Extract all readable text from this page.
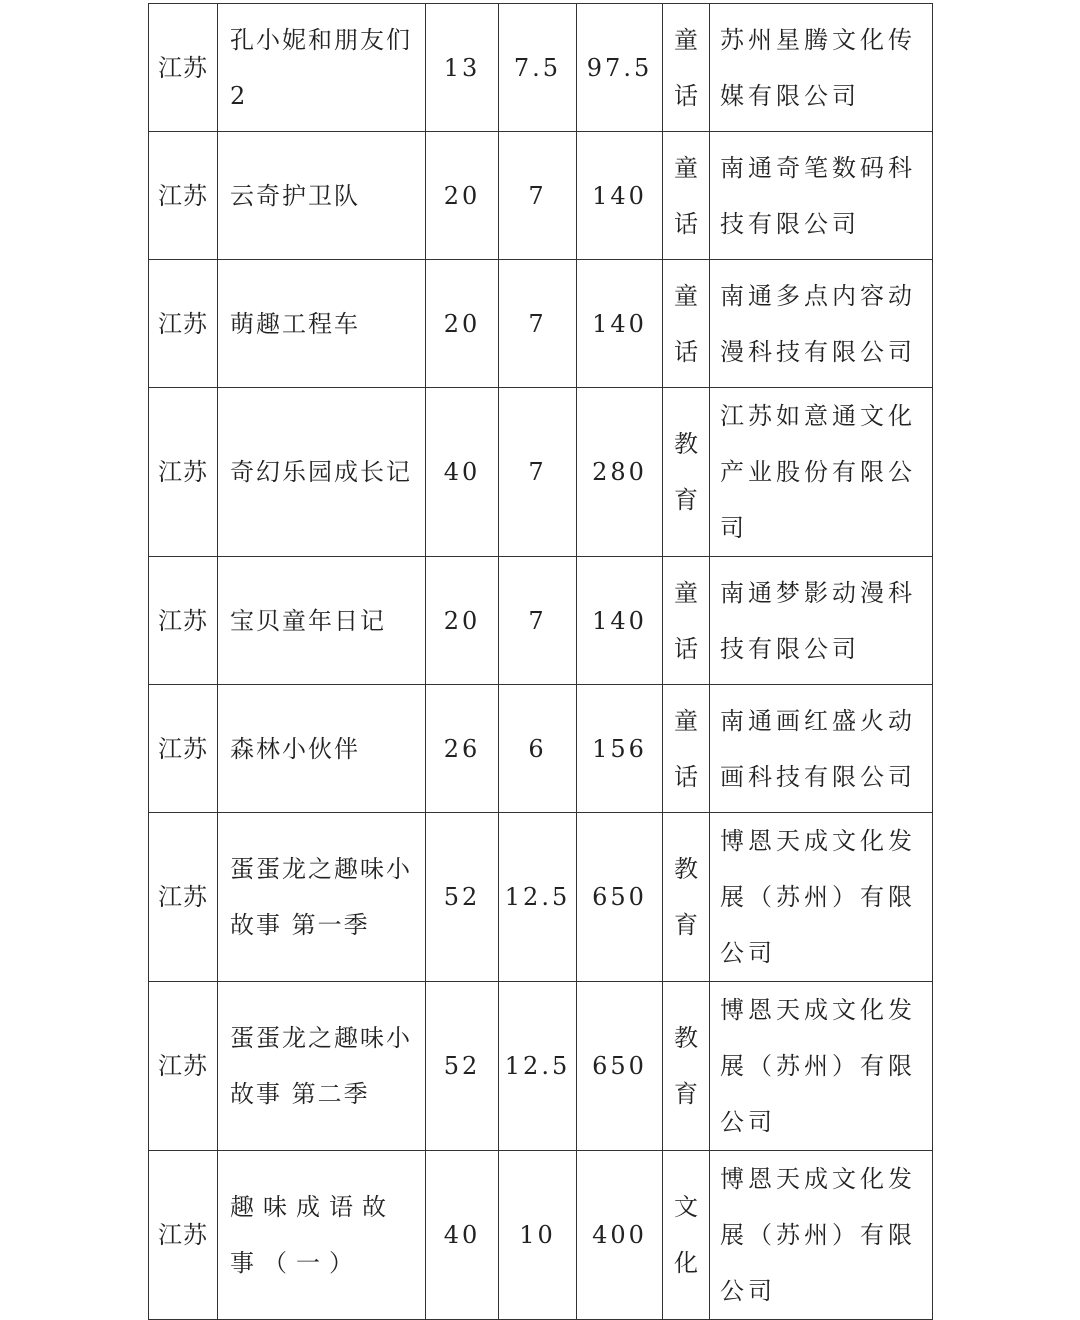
江苏	孔小妮和朋友们 2	13	7.5	97.5	童话	苏州星腾文化传媒有限公司
江苏	云奇护卫队	20	7	140	童话	南通奇笔数码科技有限公司
江苏	萌趣工程车	20	7	140	童话	南通多点内容动漫科技有限公司
江苏	奇幻乐园成长记	40	7	280	教育	江苏如意通文化产业股份有限公司
江苏	宝贝童年日记	20	7	140	童话	南通梦影动漫科技有限公司
江苏	森林小伙伴	26	6	156	童话	南通画红盛火动画科技有限公司
江苏	蛋蛋龙之趣味小故事 第一季	52	12.5	650	教育	博恩天成文化发展（苏州）有限公司
江苏	蛋蛋龙之趣味小故事 第二季	52	12.5	650	教育	博恩天成文化发展（苏州）有限公司
江苏	趣味成语故事（一）	40	10	400	文化	博恩天成文化发展（苏州）有限公司
